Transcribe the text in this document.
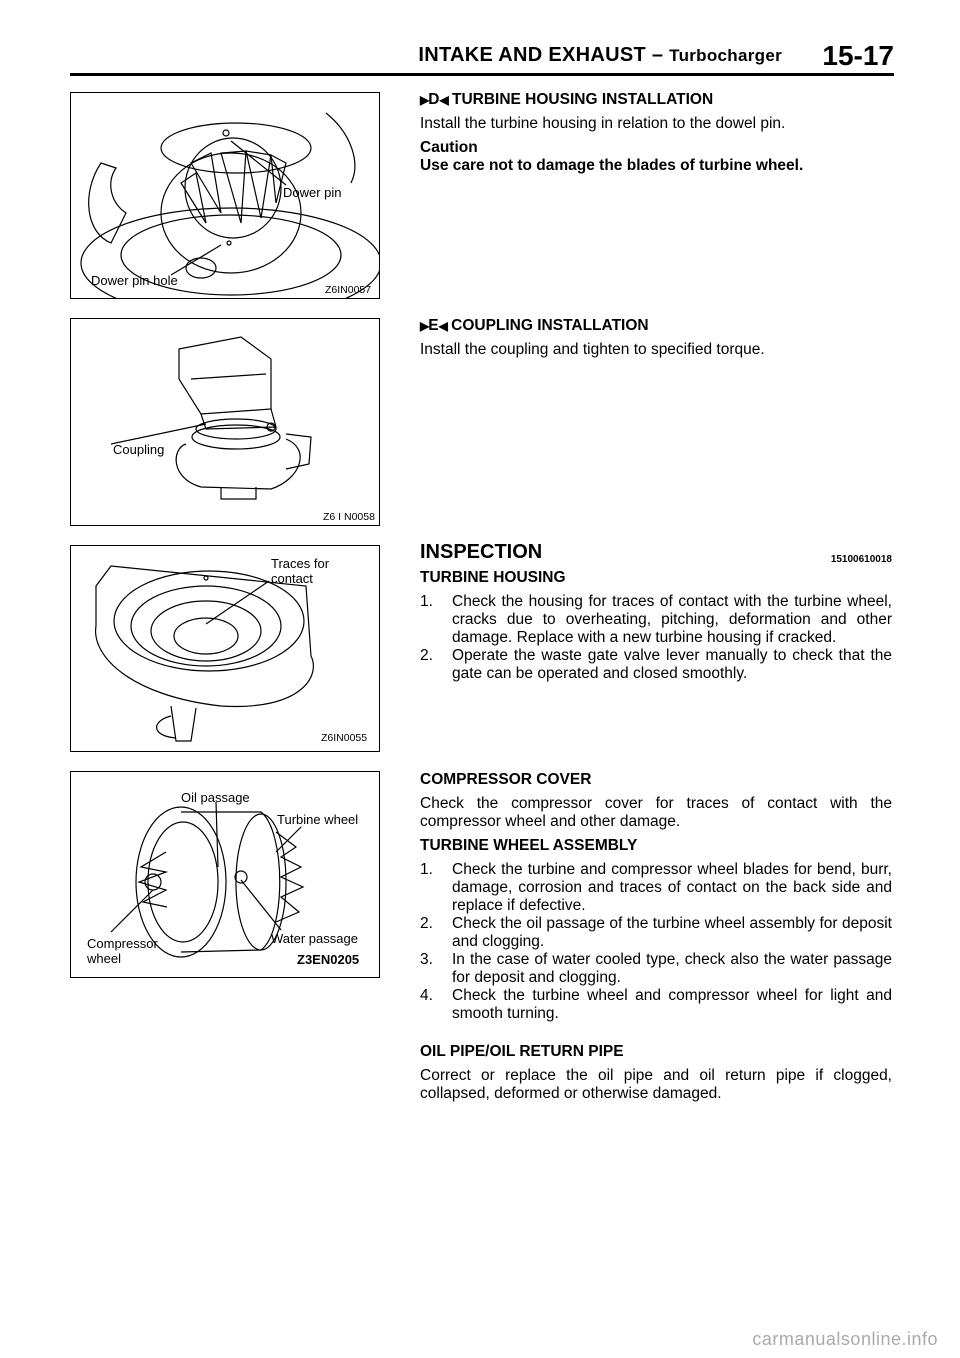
INTAKE AND EXHAUST – Turbocharger 15-17
Dower pin
Dower pin hole
Z6IN0057
Coupling
Z6 I N0058
Traces for contact
Z6IN0055
Oil passage
Turbine wheel
Water passage
Compressor wheel	Z3EN0205
▶D◀ TURBINE HOUSING INSTALLATION
Install the turbine housing in relation to the dowel pin.
Caution
Use care not to damage the blades of turbine wheel.
▶E◀ COUPLING INSTALLATION
Install the coupling and tighten to specified torque.
INSPECTION	15100610018
TURBINE HOUSING
1. Check the housing for traces of contact with the turbine wheel, cracks due to overheating, pitching, deformation and other damage. Replace with a new turbine housing if cracked.
2. Operate the waste gate valve lever manually to check that the gate can be operated and closed smoothly.
COMPRESSOR COVER
Check the compressor cover for traces of contact with the compressor wheel and other damage.
TURBINE WHEEL ASSEMBLY
1. Check the turbine and compressor wheel blades for bend, burr, damage, corrosion and traces of contact on the back side and replace if defective.
2. Check the oil passage of the turbine wheel assembly for deposit and clogging.
3. In the case of water cooled type, check also the water passage for deposit and clogging.
4. Check the turbine wheel and compressor wheel for light and smooth turning.
OIL PIPE/OIL RETURN PIPE
Correct or replace the oil pipe and oil return pipe if clogged, collapsed, deformed or otherwise damaged.
carmanualsonline.info
